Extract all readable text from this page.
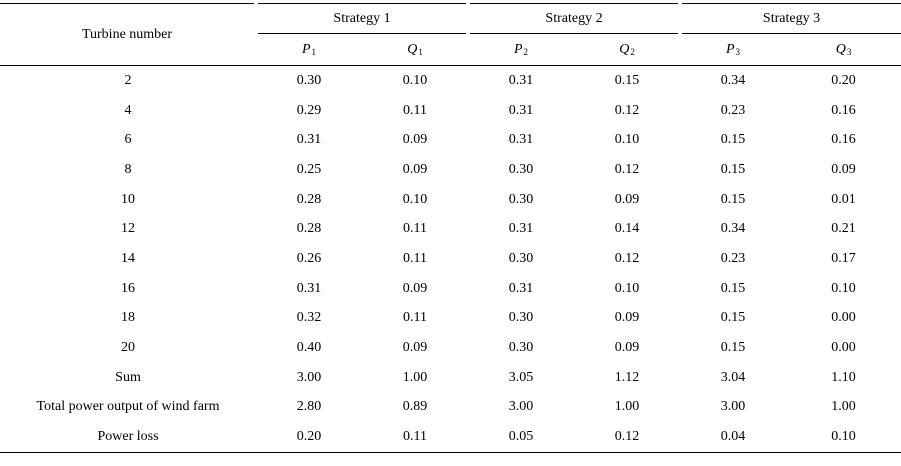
Turbine number	Strategy 1		Strategy 2		Strategy 3	
	$P_1$	$Q_1$	$P_2$	$Q_2$	$P_3$	$Q_3$
2	0.30	0.10	0.31	0.15	0.34	0.20
4	0.29	0.11	0.31	0.12	0.23	0.16
6	0.31	0.09	0.31	0.10	0.15	0.16
8	0.25	0.09	0.30	0.12	0.15	0.09
10	0.28	0.10	0.30	0.09	0.15	0.01
12	0.28	0.11	0.31	0.14	0.34	0.21
14	0.26	0.11	0.30	0.12	0.23	0.17
16	0.31	0.09	0.31	0.10	0.15	0.10
18	0.32	0.11	0.30	0.09	0.15	0.00
20	0.40	0.09	0.30	0.09	0.15	0.00
Sum	3.00	1.00	3.05	1.12	3.04	1.10
Total power output of wind farm	2.80	0.89	3.00	1.00	3.00	1.00
Power loss	0.20	0.11	0.05	0.12	0.04	0.10
